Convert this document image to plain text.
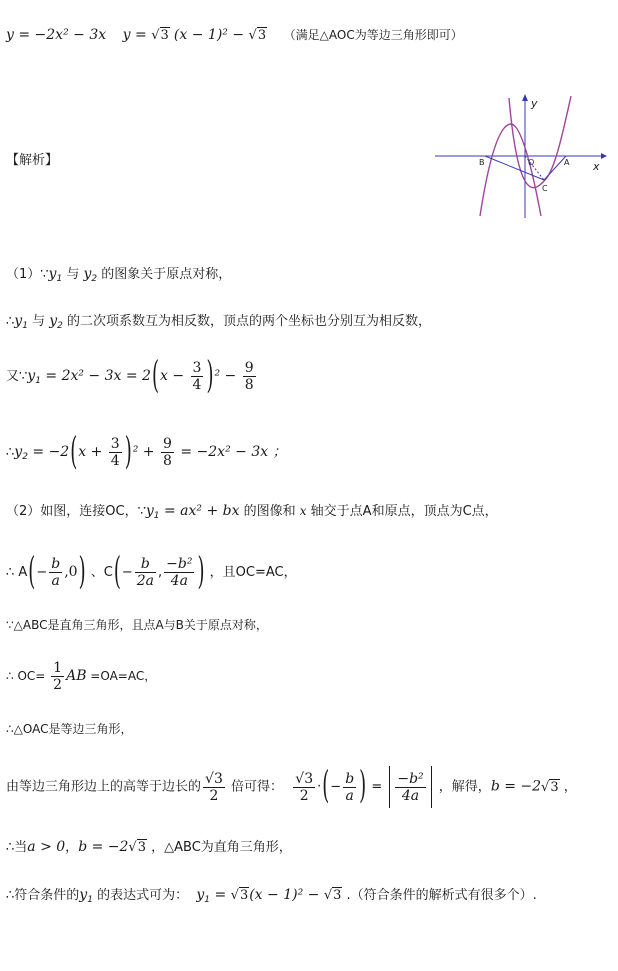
y = −2x² − 3x y = √3 (x − 1)² − √3 （满足△AOC为等边三角形即可）
y
x
O	A
B
C
【解析】
$(1)\because y_1$ 与 $y_2$ 的图象关于原点对称，
$\therefore y_1$ 与 $y_2$ 的二次项系数互为相反数，顶点的两个坐标也分别互为相反数，
又$\because y_1 = 2x^2 - 3x = 2(x - \frac{3}{4} )^2 - \frac{9}{8}$
$\therefore y_2 = -2(x + \frac{3}{4} )^2 + \frac{9}{8} = -2x^2 - 3x$ ；
（2）如图，连接OC，$\because y_1 = ax^2$ + bx 的图像和 x 轴交于点A和原点，顶点为C点，
∴ $A(- \frac{b}{a} ,0)$ 、$C(- \frac{b}{2a}$ , $\frac{\text{−b²}}{4a}$ ) ，且OC=AC，
∵△ABC是直角三角形，且点A与B关于原点对称，
∴ $OC= \frac{1}{2}$ AB =OA=AC，
∴△OAC是等边三角形，
由等边三角形边上的高等于边长的 $\frac{√3}{2}$ 倍可得： $\frac{√3}{2}$ ·(− $\frac{b}{a}$ ) = $\frac{\text{−b²}}{4a}$ ，解得，b = −2√3 ，
∴当a > 0，b = −2√3 ，△ABC为直角三角形，
∴符合条件的$y_1$ 的表达式可为： $y_1 = √3(x - 1)^2 - √3$ .（符合条件的解析式有很多个）.
